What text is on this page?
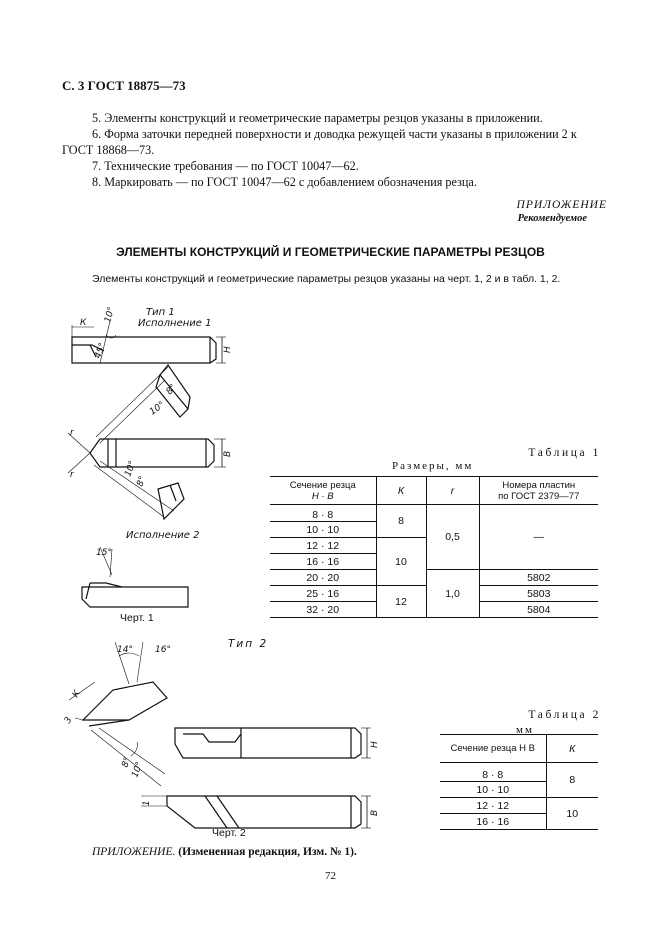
С. 3 ГОСТ 18875—73
5. Элементы конструкций и геометрические параметры резцов указаны в приложении.
6. Форма заточки передней поверхности и доводка режущей части указаны в приложении 2 к
ГОСТ 18868—73.
7. Технические требования — по ГОСТ 10047—62.
8. Маркировать — по ГОСТ 10047—62 с добавлением обозначения резца.
ПРИЛОЖЕНИЕ
Рекомендуемое
ЭЛЕМЕНТЫ КОНСТРУКЦИЙ И ГЕОМЕТРИЧЕСКИЕ ПАРАМЕТРЫ РЕЗЦОВ
Элементы конструкций и геометрические параметры резцов указаны на черт. 1, 2 и в табл. 1, 2.
К 10°
45°	Н
8°
10°
r
r
В
10°
8°
15°
Тип 1
Исполнение 1
Исполнение 2
Черт. 1
Таблица 1
Размеры, мм
Сечение резца
Н · В	К	r	Номера пластин
по ГОСТ 2379—77
8 · 8	8	0,5	—
10 · 10			
12 · 12	10		
16 · 16			
20 · 20		1,0	5802
25 · 16	12		5803
32 · 20			5804
14° 16°
К
3
8°
10°
Н
1
В
Тип 2
Черт. 2
Таблица 2
мм
Сечение резца Н В	К
8 · 8	8
10 · 10	
12 · 12	10
16 · 16	
ПРИЛОЖЕНИЕ. (Измененная редакция, Изм. № 1).
72
